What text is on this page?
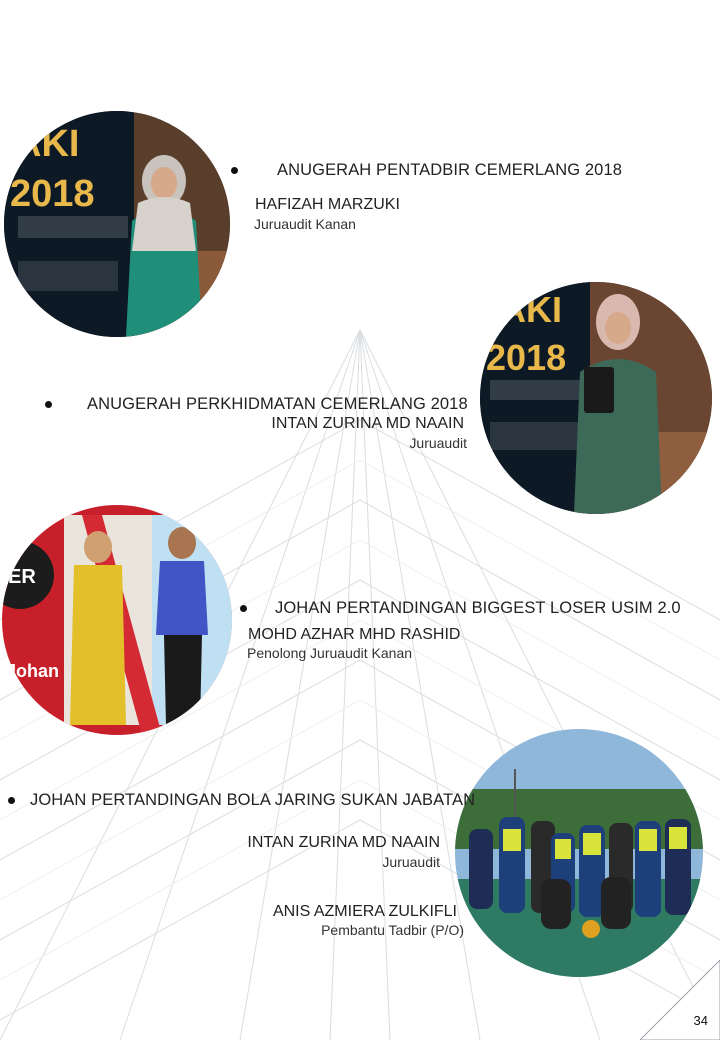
AKI
2018
ANUGERAH PENTADBIR CEMERLANG 2018
HAFIZAH MARZUKI
Juruaudit Kanan
AKI
2018
ANUGERAH PERKHIDMATAN CEMERLANG 2018
INTAN ZURINA MD NAAIN
Juruaudit
ER
Johan
JOHAN PERTANDINGAN BIGGEST LOSER USIM 2.0
MOHD AZHAR MHD RASHID
Penolong Juruaudit Kanan
JOHAN PERTANDINGAN BOLA JARING SUKAN JABATAN
INTAN ZURINA MD NAAIN
Juruaudit
ANIS AZMIERA ZULKIFLI
Pembantu Tadbir (P/O)
34
